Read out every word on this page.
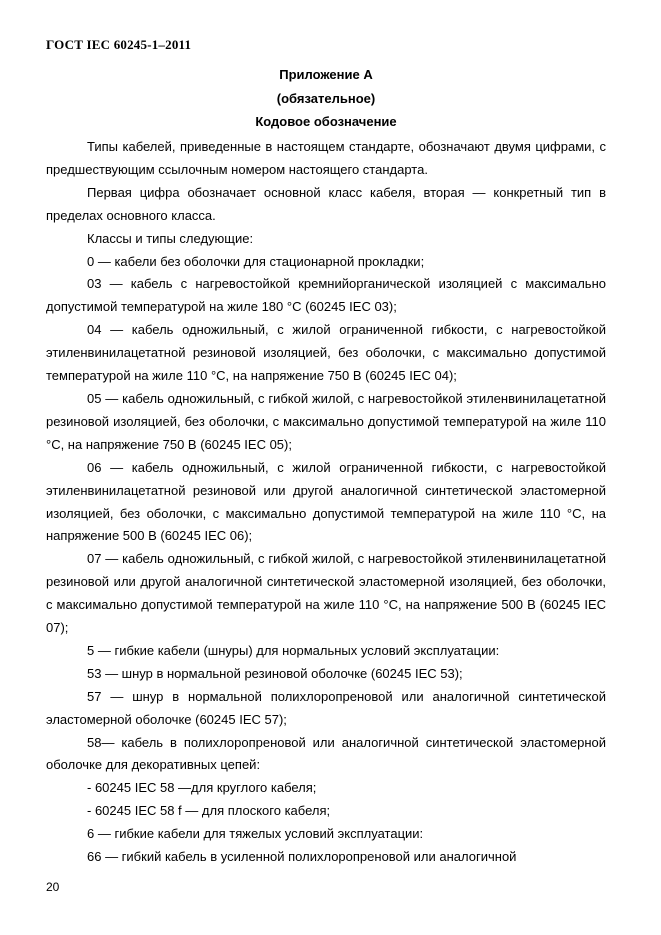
ГОСТ IEC 60245-1–2011
Приложение А
(обязательное)
Кодовое обозначение

Типы кабелей, приведенные в настоящем стандарте, обозначают двумя цифрами, с предшествующим ссылочным номером настоящего стандарта.

Первая цифра обозначает основной класс кабеля, вторая — конкретный тип в пределах основного класса.

Классы и типы следующие:

0 — кабели без оболочки для стационарной прокладки;

03 — кабель с нагревостойкой кремнийорганической изоляцией с максимально допустимой температурой на жиле 180 °С (60245 IEC 03);

04 — кабель одножильный, с жилой ограниченной гибкости, с нагревостойкой этиленвинилацетатной резиновой изоляцией, без оболочки, с максимально допустимой температурой на жиле 110 °С, на напряжение 750 В (60245 IEC 04);

05 — кабель одножильный, с гибкой жилой, с нагревостойкой этиленвинилацетатной резиновой изоляцией, без оболочки, с максимально допустимой температурой на жиле 110 °С, на напряжение 750 В (60245 IEC 05);

06 — кабель одножильный, с жилой ограниченной гибкости, с нагревостойкой этиленвинилацетатной резиновой или другой аналогичной синтетической эластомерной изоляцией, без оболочки, с максимально допустимой температурой на жиле 110 °С, на напряжение 500 В (60245 IEC 06);

07 — кабель одножильный, с гибкой жилой, с нагревостойкой этиленвинилацетатной резиновой или другой аналогичной синтетической эластомерной изоляцией, без оболочки, с максимально допустимой температурой на жиле 110 °С, на напряжение 500 В (60245 IEC 07);

5 — гибкие кабели (шнуры) для нормальных условий эксплуатации:

53 — шнур в нормальной резиновой оболочке (60245 IEC 53);

57 — шнур в нормальной полихлоропреновой или аналогичной синтетической эластомерной оболочке (60245 IEC 57);

58— кабель в полихлоропреновой или аналогичной синтетической эластомерной оболочке для декоративных цепей:

- 60245 IEC 58 —для круглого кабеля;

- 60245 IEC 58 f — для плоского кабеля;

6 — гибкие кабели для тяжелых условий эксплуатации:

66 — гибкий кабель в усиленной полихлоропреновой или аналогичной

20
